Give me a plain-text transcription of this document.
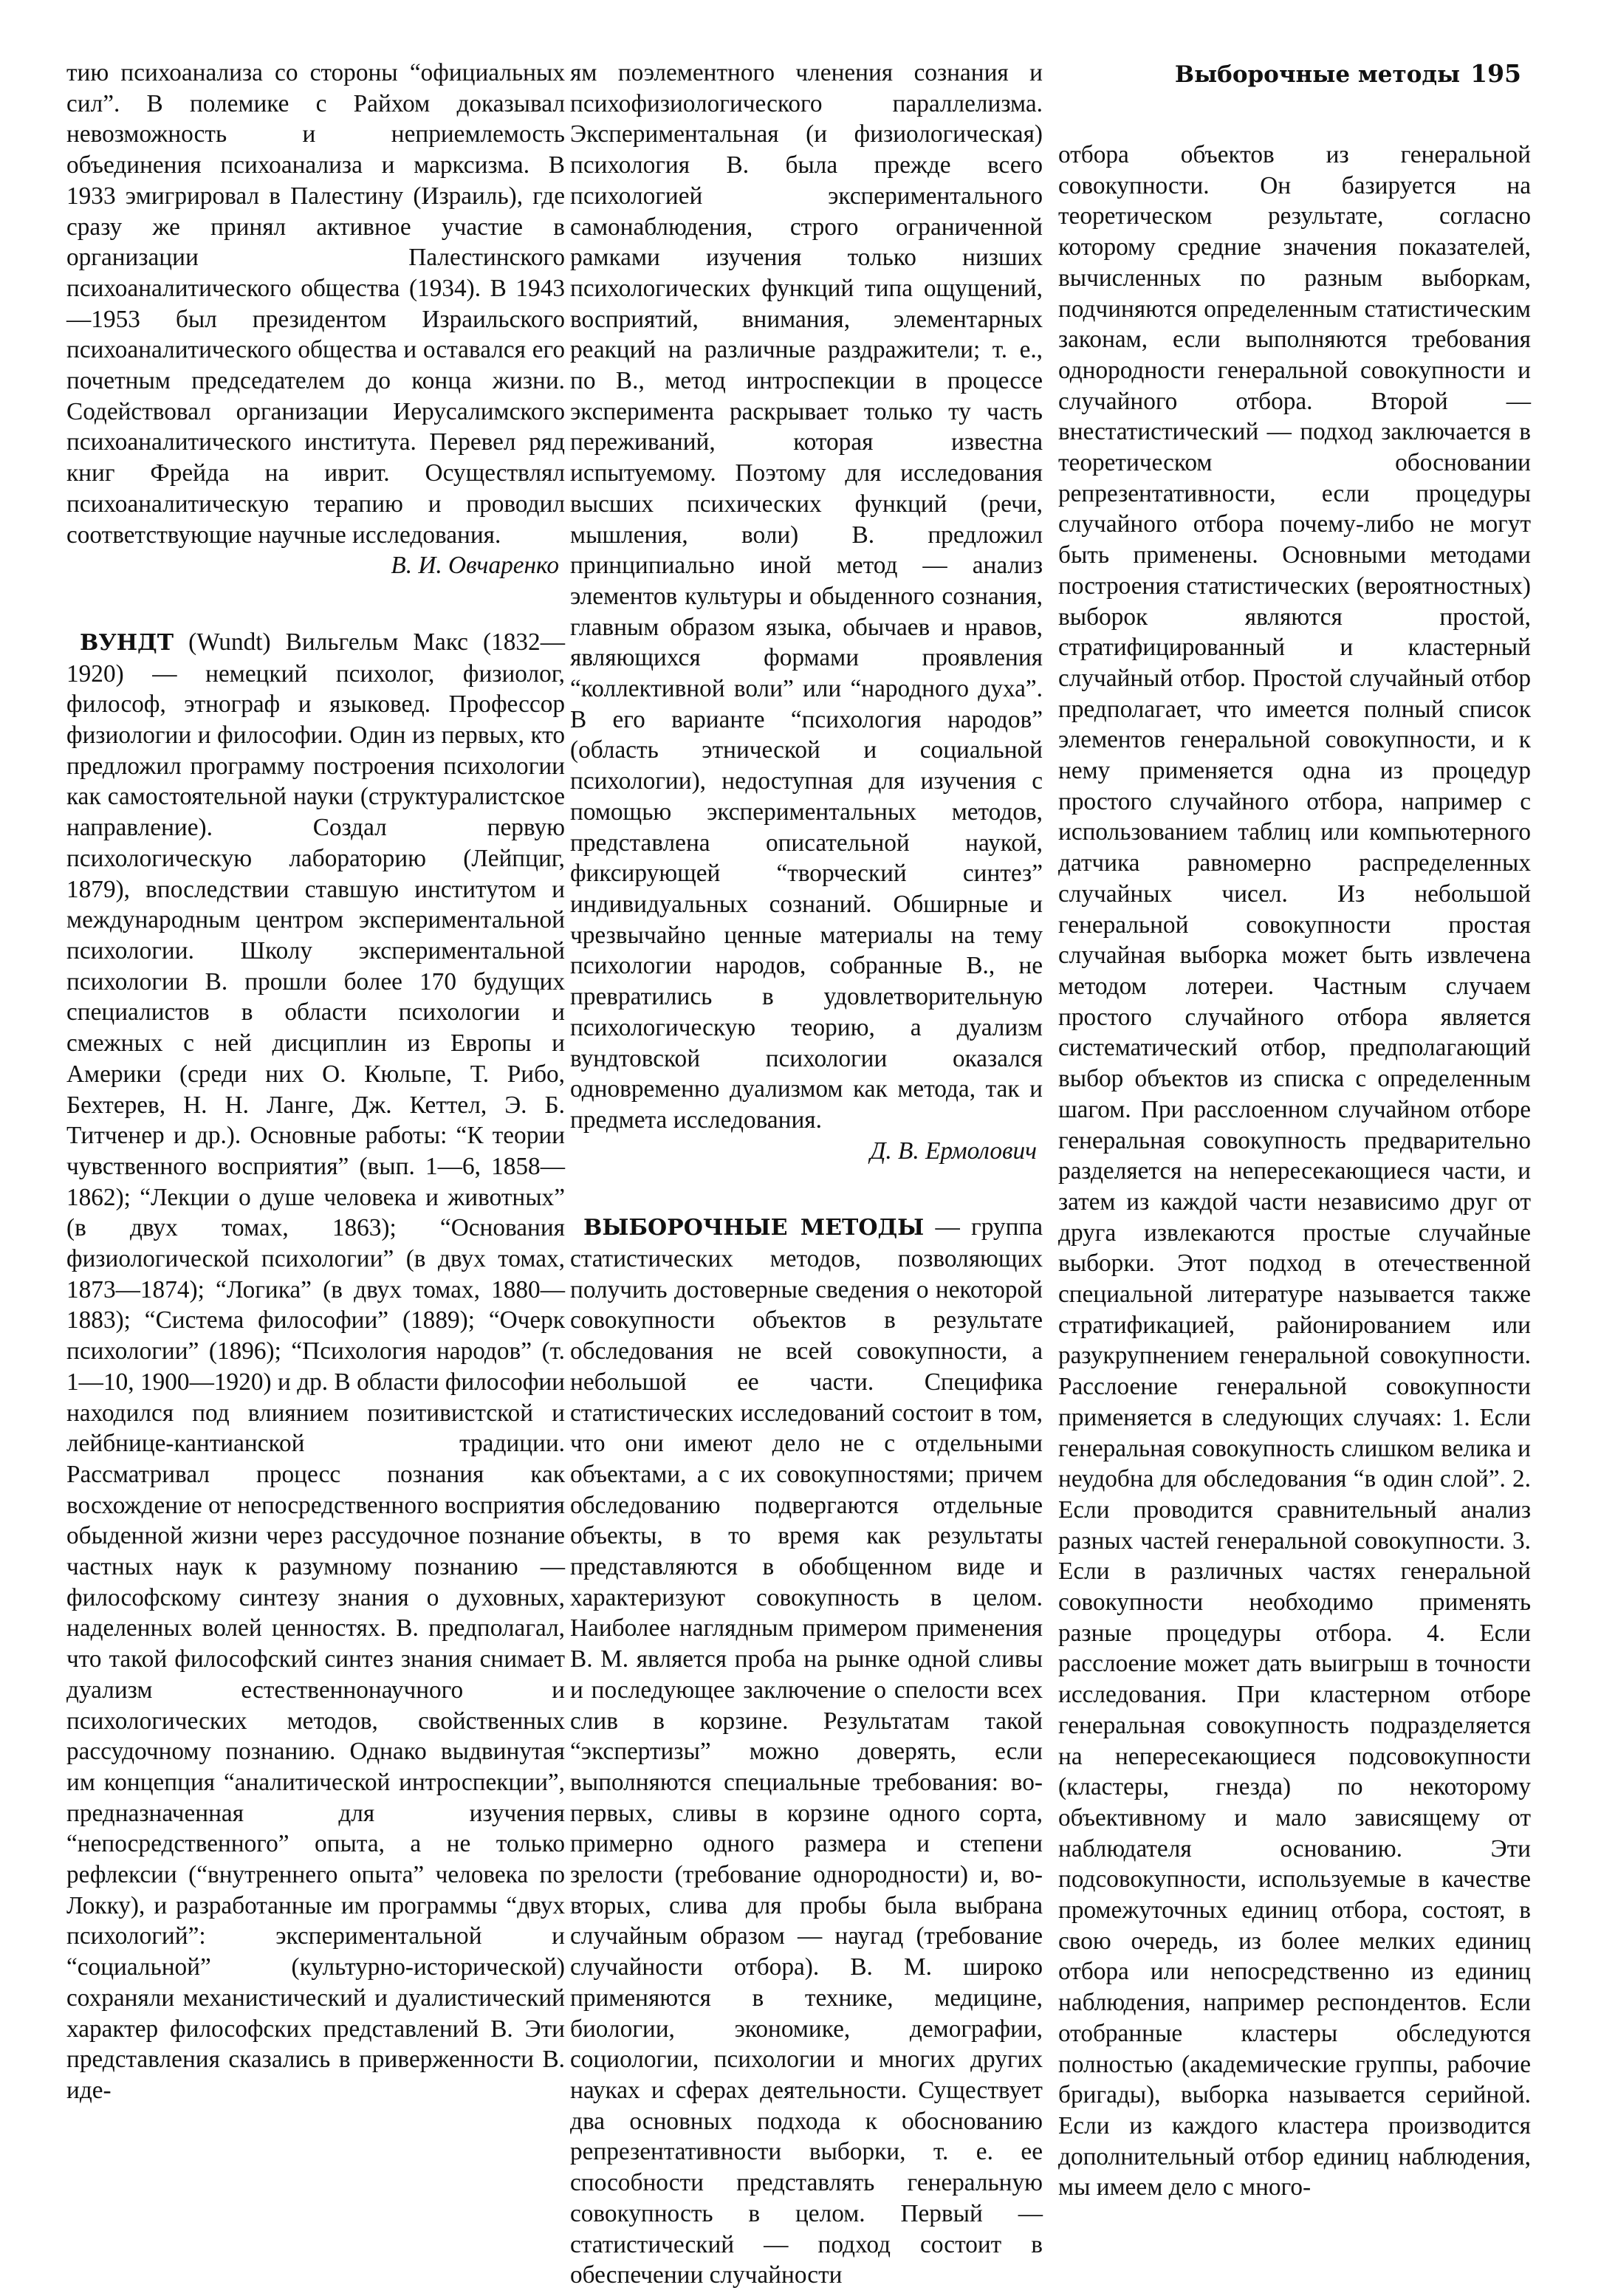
Выборочные методы 195

тию психоанализа со стороны “официальных сил”. В полемике с Райхом доказывал невозможность и неприемлемость объединения психоанализа и марксизма. В 1933 эмигрировал в Палестину (Израиль), где сразу же принял активное участие в организации Палестинского психоаналитического общества (1934). В 1943—1953 был президентом Израильского психоаналитического общества и оставался его почетным председателем до конца жизни. Содействовал организации Иерусалимского психоаналитического института. Перевел ряд книг Фрейда на иврит. Осуществлял психоаналитическую терапию и проводил соответствующие научные исследования.

В. И. Овчаренко

ВУНДТ (Wundt) Вильгельм Макс (1832—1920) — немецкий психолог, физиолог, философ, этнограф и языковед. Профессор физиологии и философии. Один из первых, кто предложил программу построения психологии как самостоятельной науки (структуралистское направление). Создал первую психологическую лабораторию (Лейпциг, 1879), впоследствии ставшую институтом и международным центром экспериментальной психологии. Школу экспериментальной психологии В. прошли более 170 будущих специалистов в области психологии и смежных с ней дисциплин из Европы и Америки (среди них О. Кюльпе, Т. Рибо, Бехтерев, Н. Н. Ланге, Дж. Кеттел, Э. Б. Титченер и др.). Основные работы: “К теории чувственного восприятия” (вып. 1—6, 1858—1862); “Лекции о душе человека и животных” (в двух томах, 1863); “Основания физиологической психологии” (в двух томах, 1873—1874); “Логика” (в двух томах, 1880—1883); “Система философии” (1889); “Очерк психологии” (1896); “Психология народов” (т. 1—10, 1900—1920) и др. В области философии находился под влиянием позитивистской и лейбнице-кантианской традиции. Рассматривал процесс познания как восхождение от непосредственного восприятия обыденной жизни через рассудочное познание частных наук к разумному познанию — философскому синтезу знания о духовных, наделенных волей ценностях. В. предполагал, что такой философский синтез знания снимает дуализм естественнонаучного и психологических методов, свойственных рассудочному познанию. Однако выдвинутая им концепция “аналитической интроспекции”, предназначенная для изучения “непосредственного” опыта, а не только рефлексии (“внутреннего опыта” человека по Локку), и разработанные им программы “двух психологий”: экспериментальной и “социальной” (культурно-исторической) сохраняли механистический и дуалистический характер философских представлений В. Эти представления сказались в приверженности В. иде-

ям поэлементного членения сознания и психофизиологического параллелизма. Экспериментальная (и физиологическая) психология В. была прежде всего психологией экспериментального самонаблюдения, строго ограниченной рамками изучения только низших психологических функций типа ощущений, восприятий, внимания, элементарных реакций на различные раздражители; т. е., по В., метод интроспекции в процессе эксперимента раскрывает только ту часть переживаний, которая известна испытуемому. Поэтому для исследования высших психических функций (речи, мышления, воли) В. предложил принципиально иной метод — анализ элементов культуры и обыденного сознания, главным образом языка, обычаев и нравов, являющихся формами проявления “коллективной воли” или “народного духа”. В его варианте “психология народов” (область этнической и социальной психологии), недоступная для изучения с помощью экспериментальных методов, представлена описательной наукой, фиксирующей “творческий синтез” индивидуальных сознаний. Обширные и чрезвычайно ценные материалы на тему психологии народов, собранные В., не превратились в удовлетворительную психологическую теорию, а дуализм вундтовской психологии оказался одновременно дуализмом как метода, так и предмета исследования.

Д. В. Ермолович

ВЫБОРОЧНЫЕ МЕТОДЫ — группа статистических методов, позволяющих получить достоверные сведения о некоторой совокупности объектов в результате обследования не всей совокупности, а небольшой ее части. Специфика статистических исследований состоит в том, что они имеют дело не с отдельными объектами, а с их совокупностями; причем обследованию подвергаются отдельные объекты, в то время как результаты представляются в обобщенном виде и характеризуют совокупность в целом. Наиболее наглядным примером применения В. М. является проба на рынке одной сливы и последующее заключение о спелости всех слив в корзине. Результатам такой “экспертизы” можно доверять, если выполняются специальные требования: во-первых, сливы в корзине одного сорта, примерно одного размера и степени зрелости (требование однородности) и, во-вторых, слива для пробы была выбрана случайным образом — наугад (требование случайности отбора). В. М. широко применяются в технике, медицине, биологии, экономике, демографии, социологии, психологии и многих других науках и сферах деятельности. Существует два основных подхода к обоснованию репрезентативности выборки, т. е. ее способности представлять генеральную совокупность в целом. Первый — статистический — подход состоит в обеспечении случайности

отбора объектов из генеральной совокупности. Он базируется на теоретическом результате, согласно которому средние значения показателей, вычисленных по разным выборкам, подчиняются определенным статистическим законам, если выполняются требования однородности генеральной совокупности и случайного отбора. Второй — внестатистический — подход заключается в теоретическом обосновании репрезентативности, если процедуры случайного отбора почему-либо не могут быть применены. Основными методами построения статистических (вероятностных) выборок являются простой, стратифицированный и кластерный случайный отбор. Простой случайный отбор предполагает, что имеется полный список элементов генеральной совокупности, и к нему применяется одна из процедур простого случайного отбора, например с использованием таблиц или компьютерного датчика равномерно распределенных случайных чисел. Из небольшой генеральной совокупности простая случайная выборка может быть извлечена методом лотереи. Частным случаем простого случайного отбора является систематический отбор, предполагающий выбор объектов из списка с определенным шагом. При расслоенном случайном отборе генеральная совокупность предварительно разделяется на непересекающиеся части, и затем из каждой части независимо друг от друга извлекаются простые случайные выборки. Этот подход в отечественной специальной литературе называется также стратификацией, районированием или разукрупнением генеральной совокупности. Расслоение генеральной совокупности применяется в следующих случаях: 1. Если генеральная совокупность слишком велика и неудобна для обследования “в один слой”. 2. Если проводится сравнительный анализ разных частей генеральной совокупности. 3. Если в различных частях генеральной совокупности необходимо применять разные процедуры отбора. 4. Если расслоение может дать выигрыш в точности исследования. При кластерном отборе генеральная совокупность подразделяется на непересекающиеся подсовокупности (кластеры, гнезда) по некоторому объективному и мало зависящему от наблюдателя основанию. Эти подсовокупности, используемые в качестве промежуточных единиц отбора, состоят, в свою очередь, из более мелких единиц отбора или непосредственно из единиц наблюдения, например респондентов. Если отобранные кластеры обследуются полностью (академические группы, рабочие бригады), выборка называется серийной. Если из каждого кластера производится дополнительный отбор единиц наблюдения, мы имеем дело с много-
